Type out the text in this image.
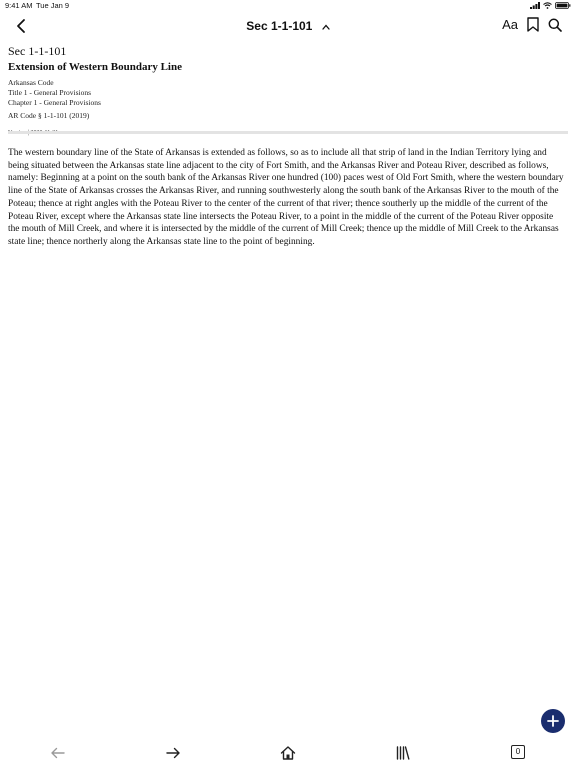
9:41 AM Tue Jan 9
Sec 1-1-101	Aa

Sec 1-1-101

Extension of Western Boundary Line

Arkansas Code

Title 1 - General Provisions

Chapter 1 - General Provisions

AR Code § 1-1-101 (2019)

The western boundary line of the State of Arkansas is extended as follows, so as to include all that strip of land in the Indian Territory lying and being situated between the Arkansas state line adjacent to the city of Fort Smith, and the Arkansas River and Poteau River, described as follows, namely: Beginning at a point on the south bank of the Arkansas River one hundred (100) paces west of Old Fort Smith, where the western boundary line of the State of Arkansas crosses the Arkansas River, and running southwesterly along the south bank of the Arkansas River to the mouth of the Poteau; thence at right angles with the Poteau River to the center of the current of that river; thence southerly up the middle of the current of the Poteau River, except where the Arkansas state line intersects the Poteau River, to a point in the middle of the current of the Poteau River opposite the mouth of Mill Creek, and where it is intersected by the middle of the current of Mill Creek; thence up the middle of Mill Creek to the Arkansas state line; thence northerly along the Arkansas state line to the point of beginning.

0
